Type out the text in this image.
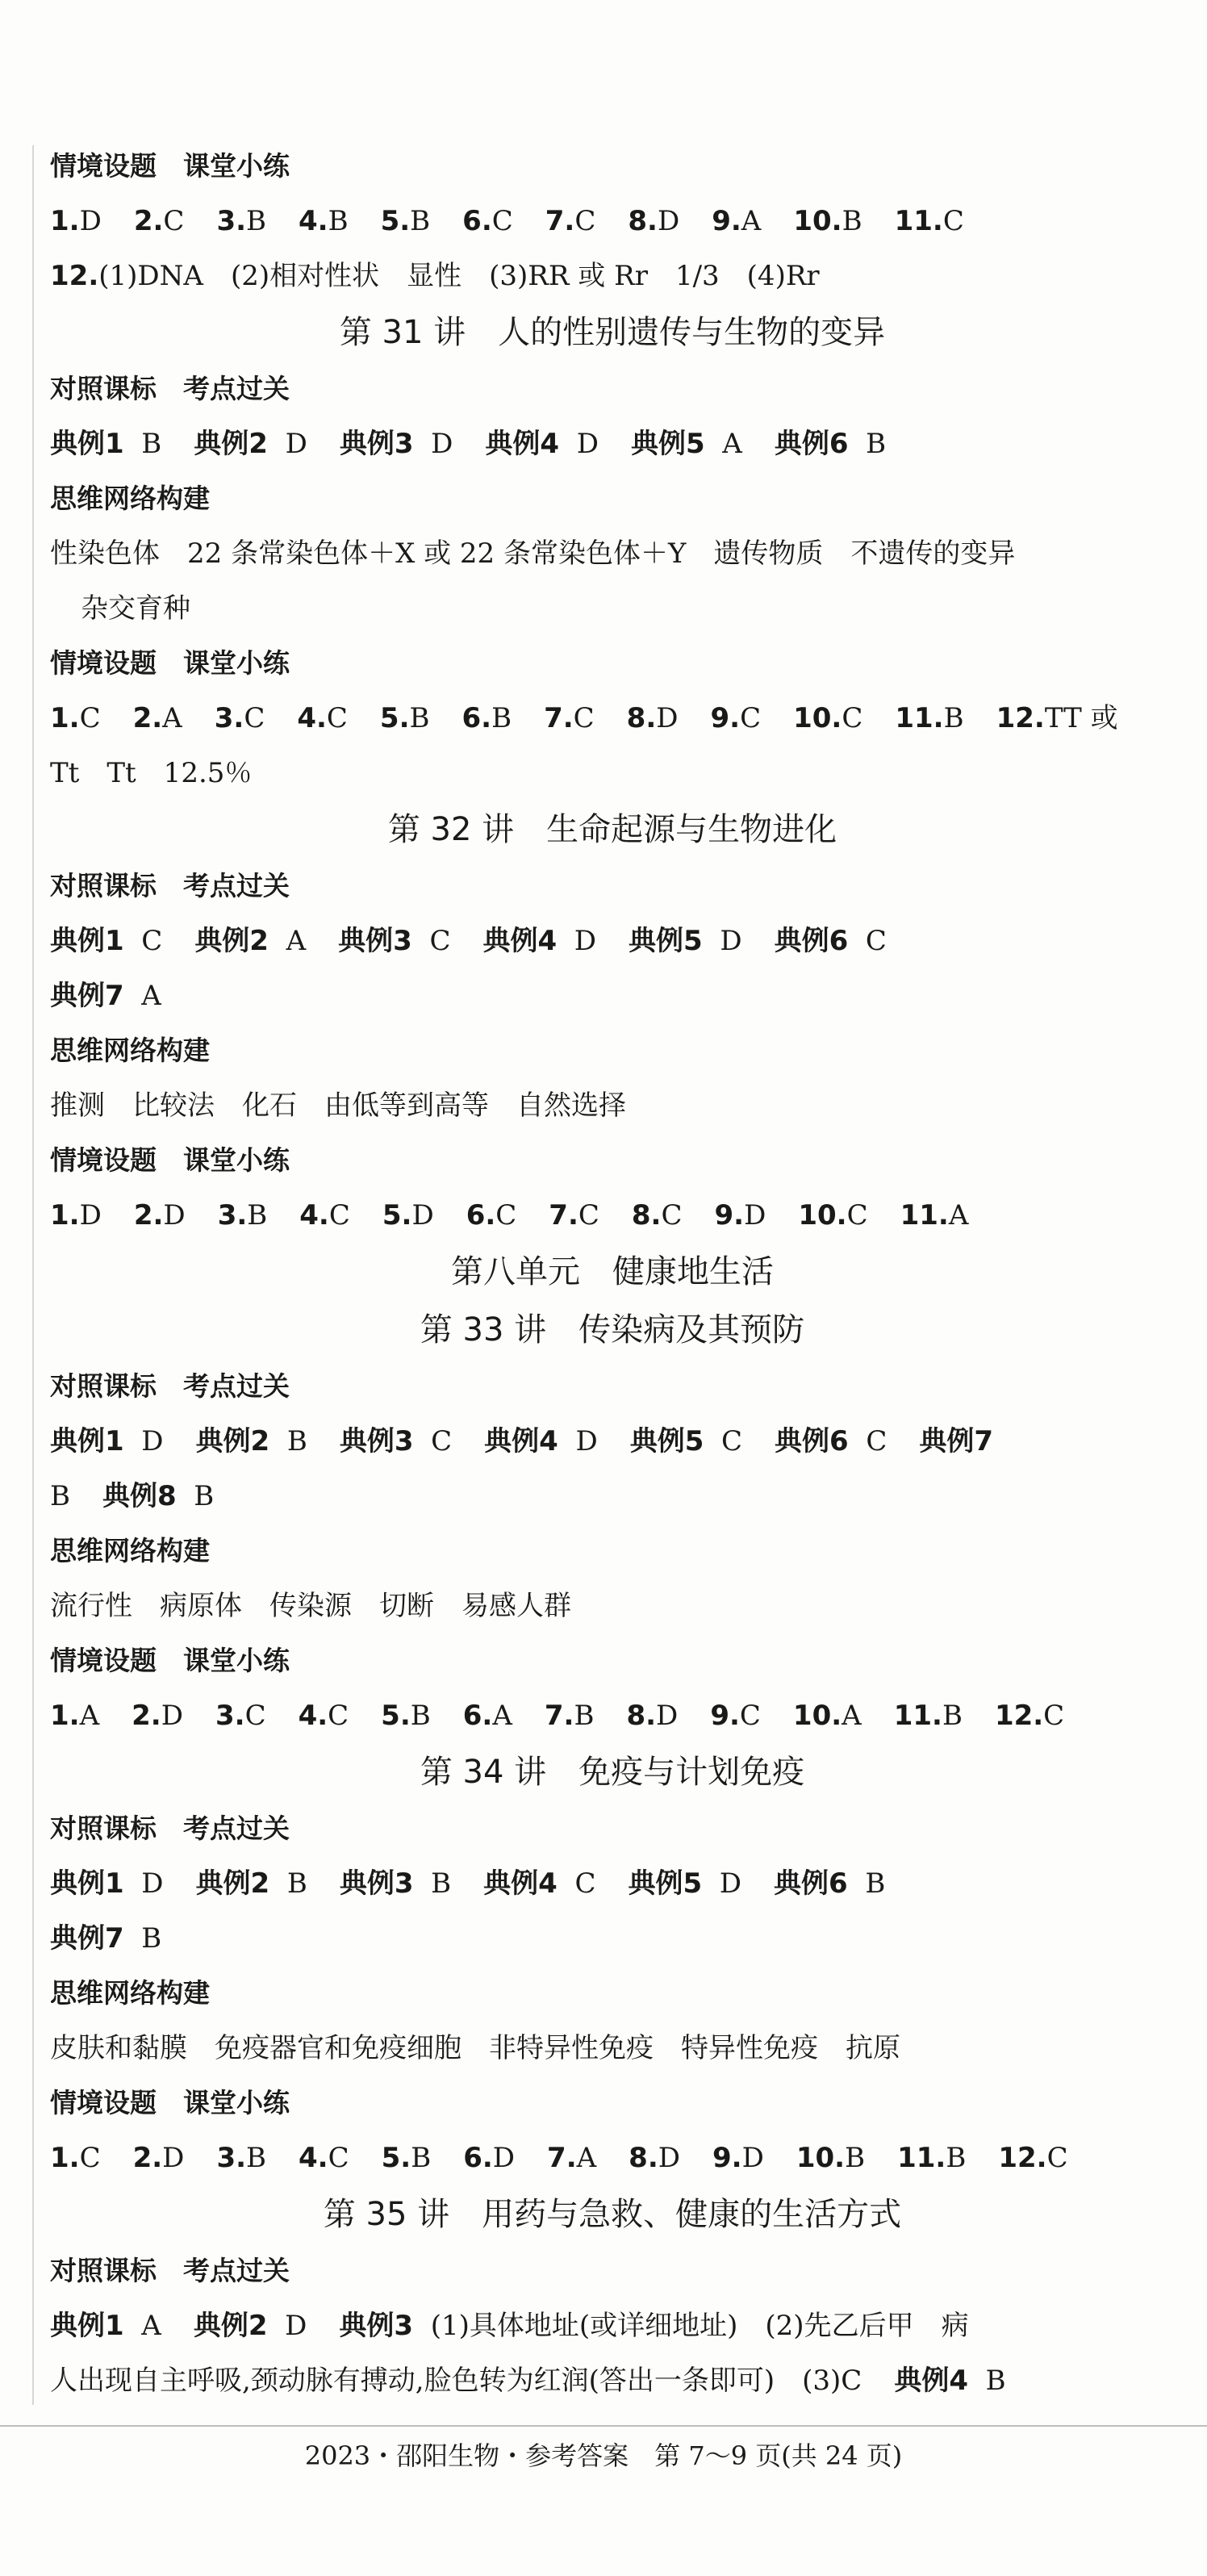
情境设题　课堂小练
1.D 2.C 3.B 4.B 5.B 6.C 7.C 8.D 9.A 10.B 11.C
12.(1)DNA　(2)相对性状　显性　(3)RR 或 Rr　1/3　(4)Rr
第 31 讲　人的性别遗传与生物的变异
对照课标　考点过关
典例1 B 典例2 D 典例3 D 典例4 D 典例5 A 典例6 B
思维网络构建
性染色体　22 条常染色体＋X 或 22 条常染色体＋Y　遗传物质　不遗传的变异
杂交育种
情境设题　课堂小练
1.C 2.A 3.C 4.C 5.B 6.B 7.C 8.D 9.C 10.C 11.B 12.TT 或
Tt　Tt　12.5％
第 32 讲　生命起源与生物进化
对照课标　考点过关
典例1 C 典例2 A 典例3 C 典例4 D 典例5 D 典例6 C
典例7 A
思维网络构建
推测　比较法　化石　由低等到高等　自然选择
情境设题　课堂小练
1.D 2.D 3.B 4.C 5.D 6.C 7.C 8.C 9.D 10.C 11.A
第八单元　健康地生活
第 33 讲　传染病及其预防
对照课标　考点过关
典例1 D 典例2 B 典例3 C 典例4 D 典例5 C 典例6 C 典例7
B 典例8 B
思维网络构建
流行性　病原体　传染源　切断　易感人群
情境设题　课堂小练
1.A 2.D 3.C 4.C 5.B 6.A 7.B 8.D 9.C 10.A 11.B 12.C
第 34 讲　免疫与计划免疫
对照课标　考点过关
典例1 D 典例2 B 典例3 B 典例4 C 典例5 D 典例6 B
典例7 B
思维网络构建
皮肤和黏膜　免疫器官和免疫细胞　非特异性免疫　特异性免疫　抗原
情境设题　课堂小练
1.C 2.D 3.B 4.C 5.B 6.D 7.A 8.D 9.D 10.B 11.B 12.C
第 35 讲　用药与急救、健康的生活方式
对照课标　考点过关
典例1 A 典例2 D 典例3 (1)具体地址(或详细地址)　(2)先乙后甲　病
人出现自主呼吸,颈动脉有搏动,脸色转为红润(答出一条即可)　(3)C 典例4 B
2023・邵阳生物・参考答案　第 7～9 页(共 24 页)
